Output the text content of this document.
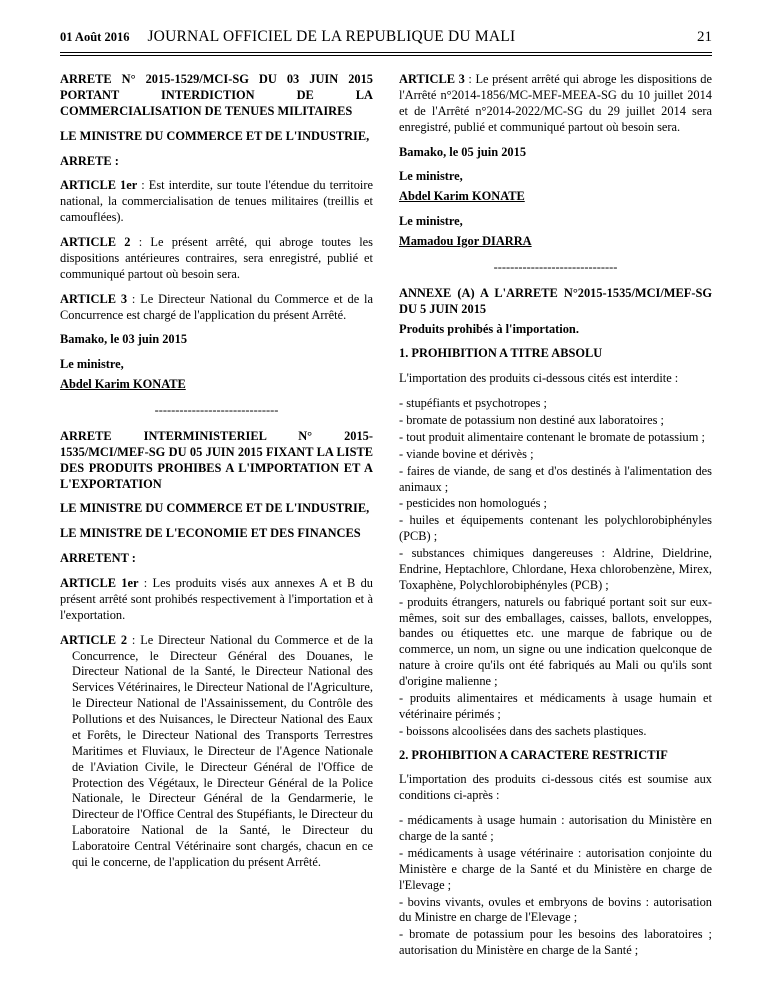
01 Août 2016	JOURNAL OFFICIEL DE LA REPUBLIQUE DU MALI	21

ARRETE N° 2015-1529/MCI-SG DU 03 JUIN 2015 PORTANT INTERDICTION DE LA COMMERCIALISATION DE TENUES MILITAIRES

LE MINISTRE DU COMMERCE ET DE L'INDUSTRIE,

ARRETE :

ARTICLE 1er : Est interdite, sur toute l'étendue du territoire national, la commercialisation de tenues militaires (treillis et camouflées).

ARTICLE 2 : Le présent arrêté, qui abroge toutes les dispositions antérieures contraires, sera enregistré, publié et communiqué partout où besoin sera.

ARTICLE 3 : Le Directeur National du Commerce et de la Concurrence est chargé de l'application du présent Arrêté.

Bamako, le 03 juin 2015

Le ministre,

Abdel Karim KONATE

------------------------------

ARRETE INTERMINISTERIEL N° 2015-1535/MCI/MEF-SG DU 05 JUIN 2015 FIXANT LA LISTE DES PRODUITS PROHIBES A L'IMPORTATION ET A L'EXPORTATION

LE MINISTRE DU COMMERCE ET DE L'INDUSTRIE,

LE MINISTRE DE L'ECONOMIE ET DES FINANCES

ARRETENT :

ARTICLE 1er : Les produits visés aux annexes A et B du présent arrêté sont prohibés respectivement à l'importation et à l'exportation.

ARTICLE 2 : Le Directeur National du Commerce et de la Concurrence, le Directeur Général des Douanes, le Directeur National de la Santé, le Directeur National des Services Vétérinaires, le Directeur National de l'Agriculture, le Directeur National de l'Assainissement, du Contrôle des Pollutions et des Nuisances, le Directeur National des Eaux et Forêts, le Directeur National des Transports Terrestres Maritimes et Fluviaux, le Directeur de l'Agence Nationale de l'Aviation Civile, le Directeur Général de l'Office de Protection des Végétaux, le Directeur Général de la Police Nationale, le Directeur Général de la Gendarmerie, le Directeur de l'Office Central des Stupéfiants, le Directeur du Laboratoire National de la Santé, le Directeur du Laboratoire Central Vétérinaire sont chargés, chacun en ce qui le concerne, de l'application du présent Arrêté.

ARTICLE 3 : Le présent arrêté qui abroge les dispositions de l'Arrêté n°2014-1856/MC-MEF-MEEA-SG du 10 juillet 2014 et de l'Arrêté n°2014-2022/MC-SG du 29 juillet 2014 sera enregistré, publié et communiqué partout où besoin sera.

Bamako, le 05 juin 2015

Le ministre,

Abdel Karim KONATE

Le ministre,

Mamadou Igor DIARRA

------------------------------

ANNEXE (A) A L'ARRETE N°2015-1535/MCI/MEF-SG DU 5 JUIN 2015

Produits prohibés à l'importation.

1. PROHIBITION A TITRE ABSOLU

L'importation des produits ci-dessous cités est interdite :

- stupéfiants et psychotropes ;

- bromate de potassium non destiné aux laboratoires ;

- tout produit alimentaire contenant le bromate de potassium ;

- viande bovine et dérivès ;

- faires de viande, de sang et d'os destinés à l'alimentation des animaux ;

- pesticides non homologués ;

- huiles et équipements contenant les polychlorobiphényles (PCB) ;

- substances chimiques dangereuses : Aldrine, Dieldrine, Endrine, Heptachlore, Chlordane, Hexa chlorobenzène, Mirex, Toxaphène, Polychlorobiphényles (PCB) ;

- produits étrangers, naturels ou fabriqué portant soit sur eux-mêmes, soit sur des emballages, caisses, ballots, enveloppes, bandes ou étiquettes etc. une marque de fabrique ou de commerce, un nom, un signe ou une indication quelconque de nature à croire qu'ils ont été fabriqués au Mali ou qu'ils sont d'origine malienne ;

- produits alimentaires et médicaments à usage humain et vétérinaire périmés ;

- boissons alcoolisées dans des sachets plastiques.

2. PROHIBITION A CARACTERE RESTRICTIF

L'importation des produits ci-dessous cités est soumise aux conditions ci-après :

- médicaments à usage humain : autorisation du Ministère en charge de la santé ;

- médicaments à usage vétérinaire : autorisation conjointe du Ministère e charge de la Santé et du Ministère en charge de l'Elevage ;

- bovins vivants, ovules et embryons de bovins : autorisation du Ministre en charge de l'Elevage ;

- bromate de potassium pour les besoins des laboratoires ; autorisation du Ministère en charge de la Santé ;
